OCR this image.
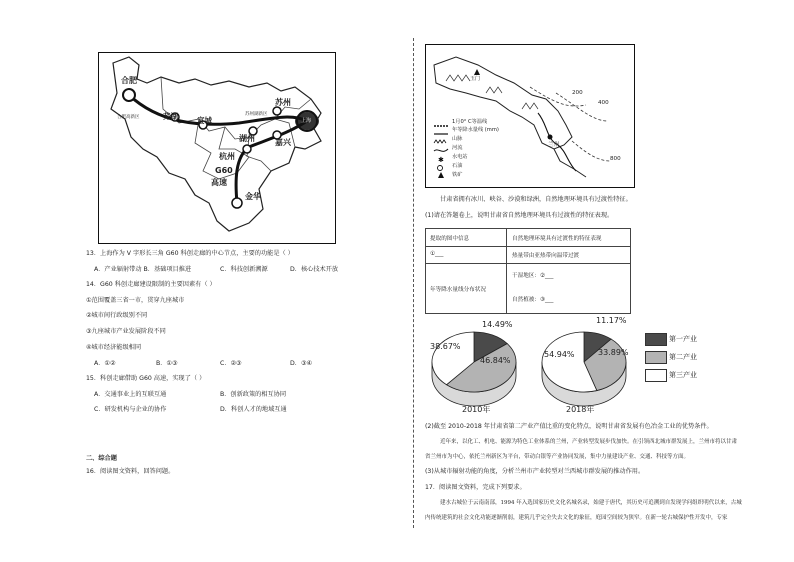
合肥
芜湖
合肥高新区	宣城
苏州
苏州湖新区
上海
湖州	嘉兴
杭州
G60
高速
金华
13．上海作为 V 字形长三角 G60 科创走廊的中心节点，主要的功能是（ ）
A．产业辐射带动 B．基础项目推进	C．科技创新溯源	D．核心技术开放
14．G60 科创走廊建设限制的主要因素有（ ）
①范围覆盖三省一市，贯穿九座城市
②城市间行政级别不同
③九座城市产业发展阶段不同
④城市经济能级相同
A．①②	B．①③	C．②③	D．③④
15．科创走廊借助 G60 高速，实现了（ ）
A．交通事业上的互联互通	B．创新政策的相互协同
C．研发机构与企业的协作	D．科创人才的地域互通
二、综合题
16．阅读图文资料，回答问题。
✱
1月0° C等温线
年等降水量线 (mm)
山脉
河流
水电站
石油
铁矿
200
400
800
兰州
玉门
甘肃省拥有冰川、峡谷、沙漠和绿洲，自然地理环境具有过渡性特征。
(1)请在答题卷上，说明甘肃省自然地理环境具有过渡性的特征表现。
提取的图中信息	自然地理环境具有过渡性的特征表现
①___	热量带由亚热带向温带过渡
年等降水量线分布状况
干湿地区：②___
自然植被：③___
14.49%
46.84%
38.67%
11.17%
33.89%
54.94%
2010年	2018年
第一产业
第二产业
第三产业
(2)截至 2010-2018 年甘肃省第二产业产值比重的变化特点，说明甘肃省发展有色冶金工业的优势条件。
近年来，以化工、机电、能源为特色工业体系的兰州，产业转型发展步伐加快。在引领西北城市群发展上，兰州市将以甘肃
省兰州市为中心，依托兰州新区为平台，带动白银等产业协同发展，集中力量建设产业、交通、科技等方面。
(3)从城市辐射功能的角度，分析兰州市产业转型对兰西城市群发展的推动作用。
17．阅读图文资料，完成下列要求。
建水古城位于云南南部，1994 年入选国家历史文化名城名录，始建于唐代，其历史可追溯到自发现学问组织明代以来，古城
内传统建筑的社会文化功能逐渐削弱，建筑几乎完全失去文化的象征，庭园空间较为狭窄。在新一轮古城保护性开发中，专家
